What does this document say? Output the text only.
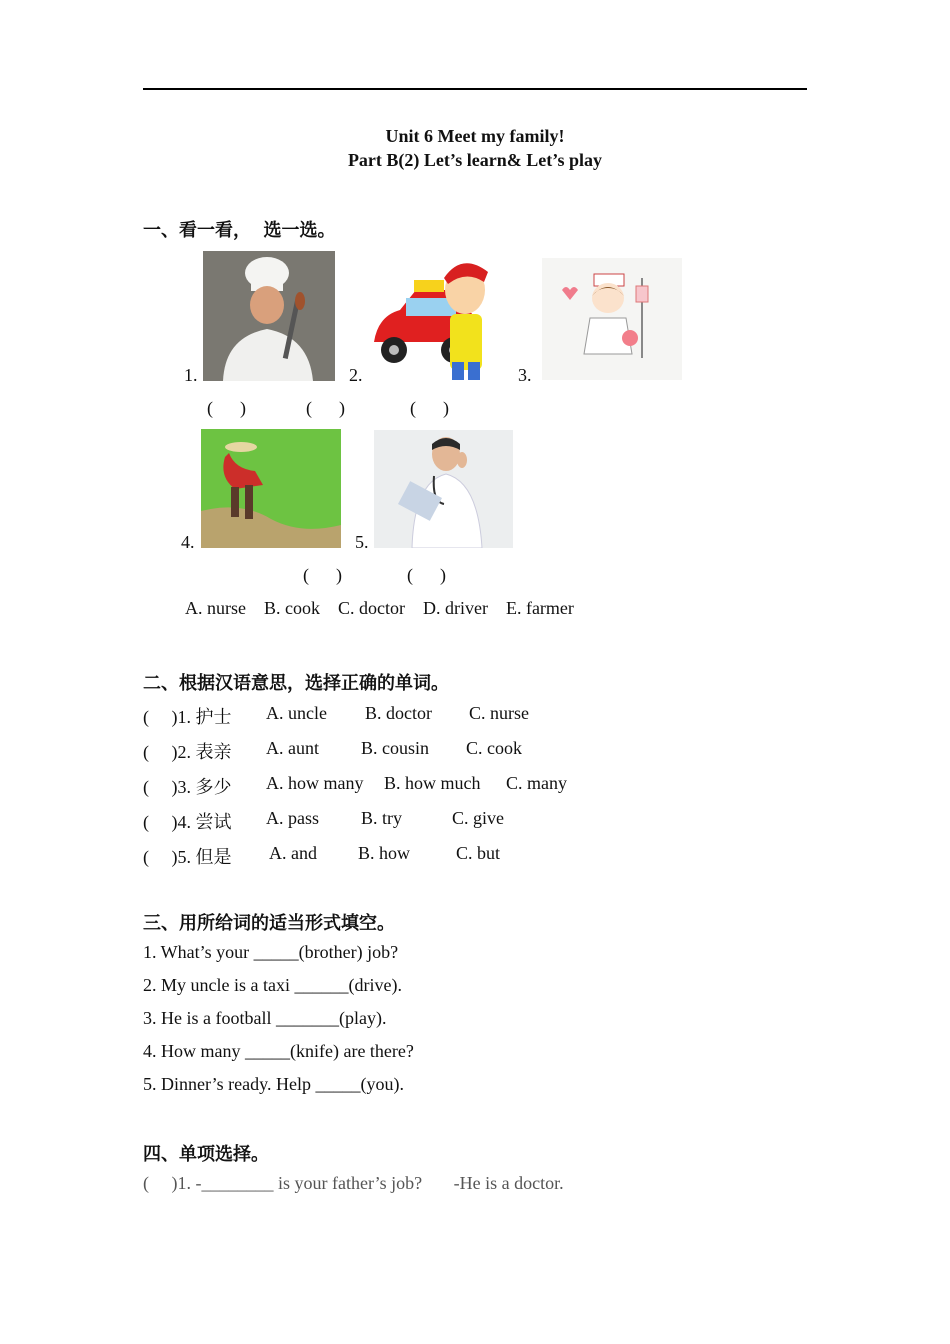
Unit 6 Meet my family!
Part B(2) Let’s learn& Let’s play
一、看一看，  选一选。
1.	2.	3.
(      )	(      )	(      )
4.	5.
(      )	(      )
A. nurse    B. cook    C. doctor    D. driver    E. farmer
二、根据汉语意思，选择正确的单词。
(     )1. 护士 A. uncle B. doctor C. nurse
(     )2. 表亲 A. aunt B. cousin C. cook
(     )3. 多少 A. how many B. how much C. many
(     )4. 尝试 A. pass B. try	C. give
(     )5. 但是 A. and B. how	C. but
三、用所给词的适当形式填空。
1. What’s your _____(brother) job?
2. My uncle is a taxi ______(drive).
3. He is a football _______(play).
4. How many _____(knife) are there?
5. Dinner’s ready. Help _____(you).
四、单项选择。
(     )1. -________ is your father’s job?       -He is a doctor.
